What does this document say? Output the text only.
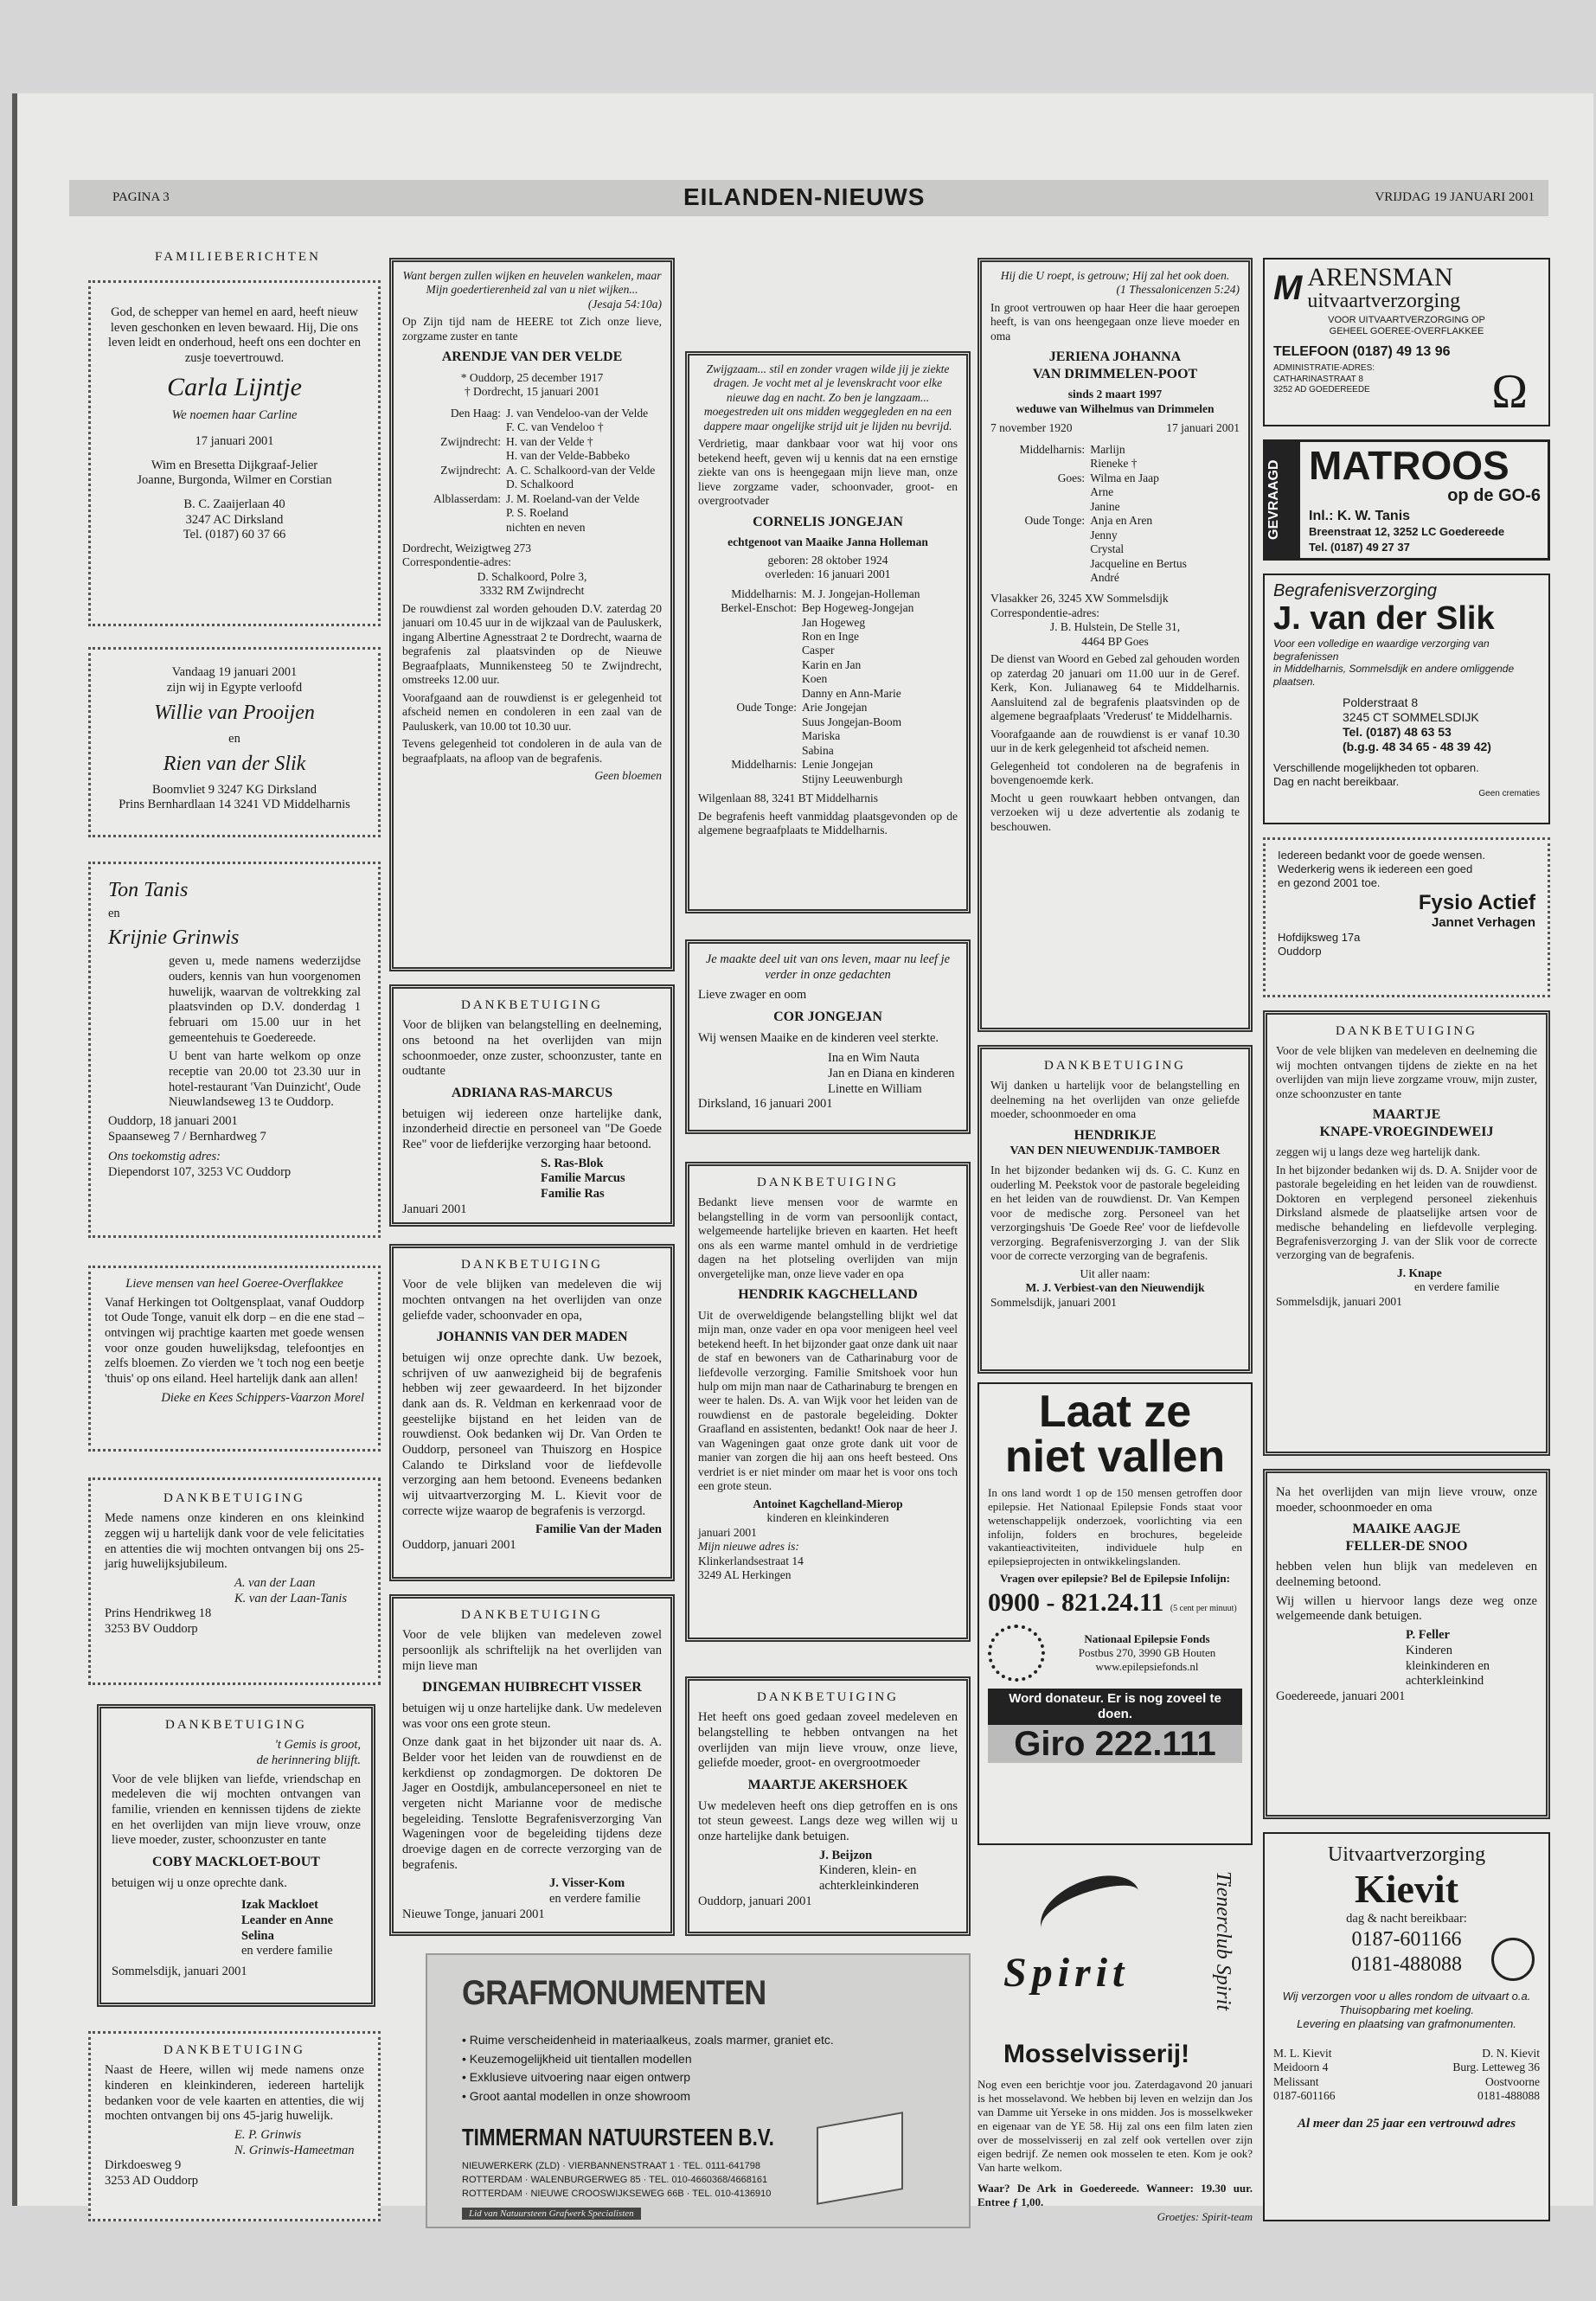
PAGINA 3	EILANDEN-NIEUWS	VRIJDAG 19 JANUARI 2001
FAMILIEBERICHTEN
God, de schepper van hemel en aard, heeft nieuw leven geschonken en leven bewaard. Hij, Die ons leven leidt en onderhoud, heeft ons een dochter en zusje toevertrouwd.
Carla Lijntje
We noemen haar Carline
17 januari 2001
Wim en Bresetta Dijkgraaf-Jelier
Joanne, Burgonda, Wilmer en Corstian
B. C. Zaaijerlaan 40
3247 AC Dirksland
Tel. (0187) 60 37 66
Vandaag 19 januari 2001
zijn wij in Egypte verloofd
Willie van Prooijen
en
Rien van der Slik
Boomvliet 9 3247 KG Dirksland
Prins Bernhardlaan 14 3241 VD Middelharnis
Ton Tanis
en
Krijnie Grinwis

geven u, mede namens wederzijdse ouders, kennis van hun voorgenomen huwelijk, waarvan de voltrekking zal plaatsvinden op D.V. donderdag 1 februari om 15.00 uur in het gemeentehuis te Goedereede.

U bent van harte welkom op onze receptie van 20.00 tot 23.30 uur in hotel-restaurant 'Van Duinzicht', Oude Nieuwlandseweg 13 te Ouddorp.

Ouddorp, 18 januari 2001
Spaanseweg 7 / Bernhardweg 7
Ons toekomstig adres:
Diependorst 107, 3253 VC Ouddorp
Lieve mensen van heel Goeree-Overflakkee

Vanaf Herkingen tot Ooltgensplaat, vanaf Ouddorp tot Oude Tonge, vanuit elk dorp – en die ene stad – ontvingen wij prachtige kaarten met goede wensen voor onze gouden huwelijksdag, telefoontjes en zelfs bloemen. Zo vierden we 't toch nog een beetje 'thuis' op ons eiland. Heel hartelijk dank aan allen!

Dieke en Kees Schippers-Vaarzon Morel
DANKBETUIGING

Mede namens onze kinderen en ons kleinkind zeggen wij u hartelijk dank voor de vele felicitaties en attenties die wij mochten ontvangen bij ons 25-jarig huwelijksjubileum.

A. van der Laan
K. van der Laan-Tanis
Prins Hendrikweg 18
3253 BV Ouddorp
DANKBETUIGING
't Gemis is groot,
de herinnering blijft.

Voor de vele blijken van liefde, vriendschap en medeleven die wij mochten ontvangen van familie, vrienden en kennissen tijdens de ziekte en het overlijden van mijn lieve vrouw, onze lieve moeder, zuster, schoonzuster en tante

COBY MACKLOET-BOUT
betuigen wij u onze oprechte dank.
Izak Mackloet
Leander en Anne
Selina
en verdere familie
Sommelsdijk, januari 2001
DANKBETUIGING

Naast de Heere, willen wij mede namens onze kinderen en kleinkinderen, iedereen hartelijk bedanken voor de vele kaarten en attenties, die wij mochten ontvangen bij ons 45-jarig huwelijk.

E. P. Grinwis
N. Grinwis-Hameetman
Dirkdoesweg 9
3253 AD Ouddorp
Want bergen zullen wijken en heuvelen wankelen, maar Mijn goedertierenheid zal van u niet wijken...
(Jesaja 54:10a)

Op Zijn tijd nam de HEERE tot Zich onze lieve, zorgzame zuster en tante

ARENDJE VAN DER VELDE
* Ouddorp, 25 december 1917
† Dordrecht, 15 januari 2001
Den Haag: J. van Vendeloo-van der Velde
F. C. van Vendeloo †
Zwijndrecht: H. van der Velde †
H. van der Velde-Babbeko
Zwijndrecht: A. C. Schalkoord-van der Velde
D. Schalkoord
Alblasserdam: J. M. Roeland-van der Velde
P. S. Roeland
nichten en neven
Dordrecht, Weizigtweg 273
Correspondentie-adres:
D. Schalkoord, Polre 3,
3332 RM Zwijndrecht

De rouwdienst zal worden gehouden D.V. zaterdag 20 januari om 10.45 uur in de wijkzaal van de Pauluskerk, ingang Albertine Agnesstraat 2 te Dordrecht, waarna de begrafenis zal plaatsvinden op de Nieuwe Begraafplaats, Munnikensteeg 50 te Zwijndrecht, omstreeks 12.00 uur.

Voorafgaand aan de rouwdienst is er gelegenheid tot afscheid nemen en condoleren in een zaal van de Pauluskerk, van 10.00 tot 10.30 uur.

Tevens gelegenheid tot condoleren in de aula van de begraafplaats, na afloop van de begrafenis.

Geen bloemen
DANKBETUIGING

Voor de blijken van belangstelling en deelneming, ons betoond na het overlijden van mijn schoonmoeder, onze zuster, schoonzuster, tante en oudtante

ADRIANA RAS-MARCUS

betuigen wij iedereen onze hartelijke dank, inzonderheid directie en personeel van "De Goede Ree" voor de liefderijke verzorging haar betoond.

S. Ras-Blok
Familie Marcus
Familie Ras
Januari 2001
DANKBETUIGING

Voor de vele blijken van medeleven die wij mochten ontvangen na het overlijden van onze geliefde vader, schoonvader en opa,

JOHANNIS VAN DER MADEN

betuigen wij onze oprechte dank. Uw bezoek, schrijven of uw aanwezigheid bij de begrafenis hebben wij zeer gewaardeerd. In het bijzonder dank aan ds. R. Veldman en kerkenraad voor de geestelijke bijstand en het leiden van de rouwdienst. Ook bedanken wij Dr. Van Orden te Ouddorp, personeel van Thuiszorg en Hospice Calando te Dirksland voor de liefdevolle verzorging aan hem betoond. Eveneens bedanken wij uitvaartverzorging M. L. Kievit voor de correcte wijze waarop de begrafenis is verzorgd.

Familie Van der Maden
Ouddorp, januari 2001
DANKBETUIGING

Voor de vele blijken van medeleven zowel persoonlijk als schriftelijk na het overlijden van mijn lieve man

DINGEMAN HUIBRECHT VISSER

betuigen wij u onze hartelijke dank. Uw medeleven was voor ons een grote steun.

Onze dank gaat in het bijzonder uit naar ds. A. Belder voor het leiden van de rouwdienst en de kerkdienst op zondagmorgen. De doktoren De Jager en Oostdijk, ambulancepersoneel en niet te vergeten nicht Marianne voor de medische begeleiding. Tenslotte Begrafenisverzorging Van Wageningen voor de begeleiding tijdens deze droevige dagen en de correcte verzorging van de begrafenis.

J. Visser-Kom
en verdere familie
Nieuwe Tonge, januari 2001
GRAFMONUMENTEN
• Ruime verscheidenheid in materiaalkeus, zoals marmer, graniet etc.
• Keuzemogelijkheid uit tientallen modellen
• Exklusieve uitvoering naar eigen ontwerp
• Groot aantal modellen in onze showroom
TIMMERMAN NATUURSTEEN B.V.
NIEUWERKERK (ZLD) · VIERBANNENSTRAAT 1 · TEL. 0111-641798
ROTTERDAM · WALENBURGERWEG 85 · TEL. 010-4660368/4668161
ROTTERDAM · NIEUWE CROOSWIJKSEWEG 66B · TEL. 010-4136910
Lid van Natuursteen Grafwerk Specialisten
Zwijgzaam... stil en zonder vragen wilde jij je ziekte dragen. Je vocht met al je levenskracht voor elke nieuwe dag en nacht. Zo ben je langzaam... moegestreden uit ons midden weggegleden en na een dappere maar ongelijke strijd uit je lijden nu bevrijd.

Verdrietig, maar dankbaar voor wat hij voor ons betekend heeft, geven wij u kennis dat na een ernstige ziekte van ons is heengegaan mijn lieve man, onze lieve zorgzame vader, schoonvader, groot- en overgrootvader

CORNELIS JONGEJAN
echtgenoot van Maaike Janna Holleman
geboren: 28 oktober 1924
overleden: 16 januari 2001
Middelharnis: M. J. Jongejan-Holleman
Berkel-Enschot: Bep Hogeweg-Jongejan
Jan Hogeweg
Ron en Inge
Casper
Karin en Jan
Koen
Danny en Ann-Marie
Oude Tonge: Arie Jongejan
Suus Jongejan-Boom
Mariska
Sabina
Middelharnis: Lenie Jongejan
Stijny Leeuwenburgh
Wilgenlaan 88, 3241 BT Middelharnis

De begrafenis heeft vanmiddag plaatsgevonden op de algemene begraafplaats te Middelharnis.

Je maakte deel uit van ons leven, maar nu leef je verder in onze gedachten
Lieve zwager en oom
COR JONGEJAN
Wij wensen Maaike en de kinderen veel sterkte.
Ina en Wim Nauta
Jan en Diana en kinderen
Linette en William
Dirksland, 16 januari 2001
DANKBETUIGING

Bedankt lieve mensen voor de warmte en belangstelling in de vorm van persoonlijk contact, welgemeende hartelijke brieven en kaarten. Het heeft ons als een warme mantel omhuld in de verdrietige dagen na het plotseling overlijden van mijn onvergetelijke man, onze lieve vader en opa

HENDRIK KAGCHELLAND

Uit de overweldigende belangstelling blijkt wel dat mijn man, onze vader en opa voor menigeen heel veel betekend heeft. In het bijzonder gaat onze dank uit naar de staf en bewoners van de Catharinaburg voor de liefdevolle verzorging. Familie Smitshoek voor hun hulp om mijn man naar de Catharinaburg te brengen en weer te halen. Ds. A. van Wijk voor het leiden van de rouwdienst en de pastorale begeleiding. Dokter Graafland en assistenten, bedankt! Ook naar de heer J. van Wageningen gaat onze grote dank uit voor de manier van zorgen die hij aan ons heeft besteed. Ons verdriet is er niet minder om maar het is voor ons toch een grote steun.

Antoinet Kagchelland-Mierop
kinderen en kleinkinderen
januari 2001
Mijn nieuwe adres is:
Klinkerlandsestraat 14
3249 AL Herkingen
DANKBETUIGING

Het heeft ons goed gedaan zoveel medeleven en belangstelling te hebben ontvangen na het overlijden van mijn lieve vrouw, onze lieve, geliefde moeder, groot- en overgrootmoeder

MAARTJE AKERSHOEK

Uw medeleven heeft ons diep getroffen en is ons tot steun geweest. Langs deze weg willen wij u onze hartelijke dank betuigen.

J. Beijzon
Kinderen, klein- en achterkleinkinderen
Ouddorp, januari 2001
Hij die U roept, is getrouw; Hij zal het ook doen.
(1 Thessalonicenzen 5:24)

In groot vertrouwen op haar Heer die haar geroepen heeft, is van ons heengegaan onze lieve moeder en oma

JERIENA JOHANNA
VAN DRIMMELEN-POOT
sinds 2 maart 1997
weduwe van Wilhelmus van Drimmelen
7 november 1920	17 januari 2001
Middelharnis: Marlijn
Rieneke †
Goes: Wilma en Jaap
Arne
Janine
Oude Tonge: Anja en Aren
Jenny
Crystal
Jacqueline en Bertus
André
Vlasakker 26, 3245 XW Sommelsdijk
Correspondentie-adres:
J. B. Hulstein, De Stelle 31,
4464 BP Goes

De dienst van Woord en Gebed zal gehouden worden op zaterdag 20 januari om 11.00 uur in de Geref. Kerk, Kon. Julianaweg 64 te Middelharnis. Aansluitend zal de begrafenis plaatsvinden op de algemene begraafplaats 'Vrederust' te Middelharnis.

Voorafgaande aan de rouwdienst is er vanaf 10.30 uur in de kerk gelegenheid tot afscheid nemen.

Gelegenheid tot condoleren na de begrafenis in bovengenoemde kerk.

Mocht u geen rouwkaart hebben ontvangen, dan verzoeken wij u deze advertentie als zodanig te beschouwen.

DANKBETUIGING

Wij danken u hartelijk voor de belangstelling en deelneming na het overlijden van onze geliefde moeder, schoonmoeder en oma

HENDRIKJE
VAN DEN NIEUWENDIJK-TAMBOER

In het bijzonder bedanken wij ds. G. C. Kunz en ouderling M. Peekstok voor de pastorale begeleiding en het leiden van de rouwdienst. Dr. Van Kempen voor de medische zorg. Personeel van het verzorgingshuis 'De Goede Ree' voor de liefdevolle verzorging. Begrafenisverzorging J. van der Slik voor de correcte verzorging van de begrafenis.

Uit aller naam:
M. J. Verbiest-van den Nieuwendijk
Sommelsdijk, januari 2001
Laat ze
niet vallen

In ons land wordt 1 op de 150 mensen getroffen door epilepsie. Het Nationaal Epilepsie Fonds staat voor wetenschappelijk onderzoek, voorlichting via een infolijn, folders en brochures, begeleide vakantieactiviteiten, individuele hulp en epilepsieprojecten in ontwikkelingslanden.

Vragen over epilepsie? Bel de Epilepsie Infolijn:
0900 - 821.24.11 (5 cent per minuut)
Nationaal Epilepsie Fonds
Postbus 270, 3990 GB Houten
www.epilepsiefonds.nl
Word donateur. Er is nog zoveel te doen.
Giro 222.111
Spirit	Tienerclub Spirit
Mosselvisserij!

Nog even een berichtje voor jou. Zaterdagavond 20 januari is het mosselavond. We hebben bij leven en welzijn dan Jos van Damme uit Yerseke in ons midden. Jos is mosselkweker en eigenaar van de YE 58. Hij zal ons een film laten zien over de mosselvisserij en zal zelf ook vertellen over zijn eigen bedrijf. Ze nemen ook mosselen te eten. Kom je ook? Van harte welkom.

Waar? De Ark in Goedereede. Wanneer: 19.30 uur. Entree ƒ 1,00.

Groetjes: Spirit-team
M ARENSMAN
uitvaartverzorging
VOOR UITVAARTVERZORGING OP
GEHEEL GOEREE-OVERFLAKKEE
TELEFOON (0187) 49 13 96
ADMINISTRATIE-ADRES:
CATHARINASTRAAT 8
3252 AD GOEDEREEDE	Ω
GEVRAAGD MATROOS
op de GO-6
Inl.: K. W. Tanis
Breenstraat 12, 3252 LC Goedereede
Tel. (0187) 49 27 37
Begrafenisverzorging
J. van der Slik
Voor een volledige en waardige verzorging van begrafenissen
in Middelharnis, Sommelsdijk en andere omliggende plaatsen.
Polderstraat 8
3245 CT SOMMELSDIJK
Tel. (0187) 48 63 53
(b.g.g. 48 34 65 - 48 39 42)
Verschillende mogelijkheden tot opbaren.
Dag en nacht bereikbaar.
Geen crematies
Iedereen bedankt voor de goede wensen.
Wederkerig wens ik iedereen een goed
en gezond 2001 toe.
Fysio Actief
Jannet Verhagen
Hofdijksweg 17a
Ouddorp
DANKBETUIGING

Voor de vele blijken van medeleven en deelneming die wij mochten ontvangen tijdens de ziekte en na het overlijden van mijn lieve zorgzame vrouw, mijn zuster, onze schoonzuster en tante

MAARTJE
KNAPE-VROEGINDEWEIJ

zeggen wij u langs deze weg hartelijk dank.

In het bijzonder bedanken wij ds. D. A. Snijder voor de pastorale begeleiding en het leiden van de rouwdienst. Doktoren en verplegend personeel ziekenhuis Dirksland alsmede de plaatselijke artsen voor de medische behandeling en liefdevolle verpleging. Begrafenisverzorging J. van der Slik voor de correcte verzorging van de begrafenis.

J. Knape
en verdere familie
Sommelsdijk, januari 2001

Na het overlijden van mijn lieve vrouw, onze moeder, schoonmoeder en oma

MAAIKE AAGJE
FELLER-DE SNOO

hebben velen hun blijk van medeleven en deelneming betoond.

Wij willen u hiervoor langs deze weg onze welgemeende dank betuigen.

P. Feller
Kinderen
kleinkinderen en
achterkleinkind
Goedereede, januari 2001
Uitvaartverzorging
Kievit
dag & nacht bereikbaar:
0187-601166
0181-488088
Wij verzorgen voor u alles rondom de uitvaart o.a. Thuisopbaring met koeling.
Levering en plaatsing van grafmonumenten.
M. L. Kievit
Meidoorn 4
Melissant
0187-601166
D. N. Kievit
Burg. Letteweg 36
Oostvoorne
0181-488088
Al meer dan 25 jaar een vertrouwd adres
